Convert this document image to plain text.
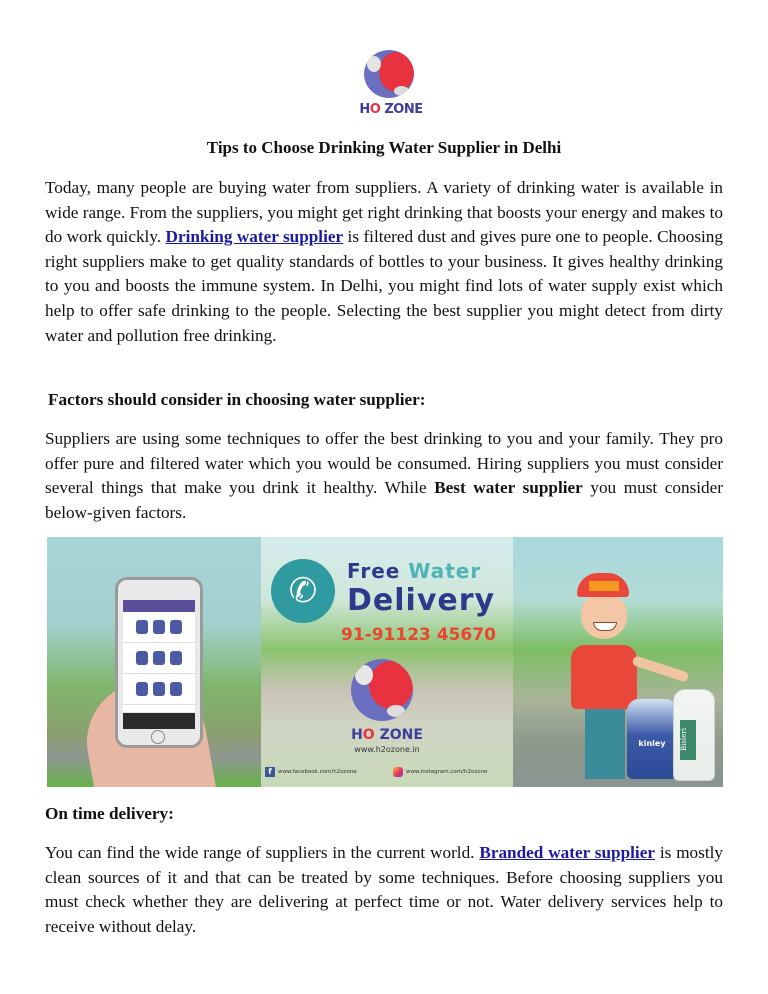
HO ZONE
Tips to Choose Drinking Water Supplier in Delhi

Today, many people are buying water from suppliers. A variety of drinking water is available in wide range. From the suppliers, you might get right drinking that boosts your energy and makes to do work quickly. Drinking water supplier is filtered dust and gives pure one to people. Choosing right suppliers make to get quality standards of bottles to your business. It gives healthy drinking to you and boosts the immune system. In Delhi, you might find lots of water supply exist which help to offer safe drinking to the people. Selecting the best supplier you might detect from dirty water and pollution free drinking.

Factors should consider in choosing water supplier:

Suppliers are using some techniques to offer the best drinking to you and your family. They pro offer pure and filtered water which you would be consumed. Hiring suppliers you must consider several things that make you drink it healthy. While Best water supplier you must consider below-given factors.

✆	Free Water
Delivery
91-91123 45670
HO ZONE
www.h2ozone.in
f	www.facebook.com/h2ozone	www.instagram.com/h2ozone
kinley	Bisleri

On time delivery:

You can find the wide range of suppliers in the current world. Branded water supplier is mostly clean sources of it and that can be treated by some techniques. Before choosing suppliers you must check whether they are delivering at perfect time or not. Water delivery services help to receive without delay.
